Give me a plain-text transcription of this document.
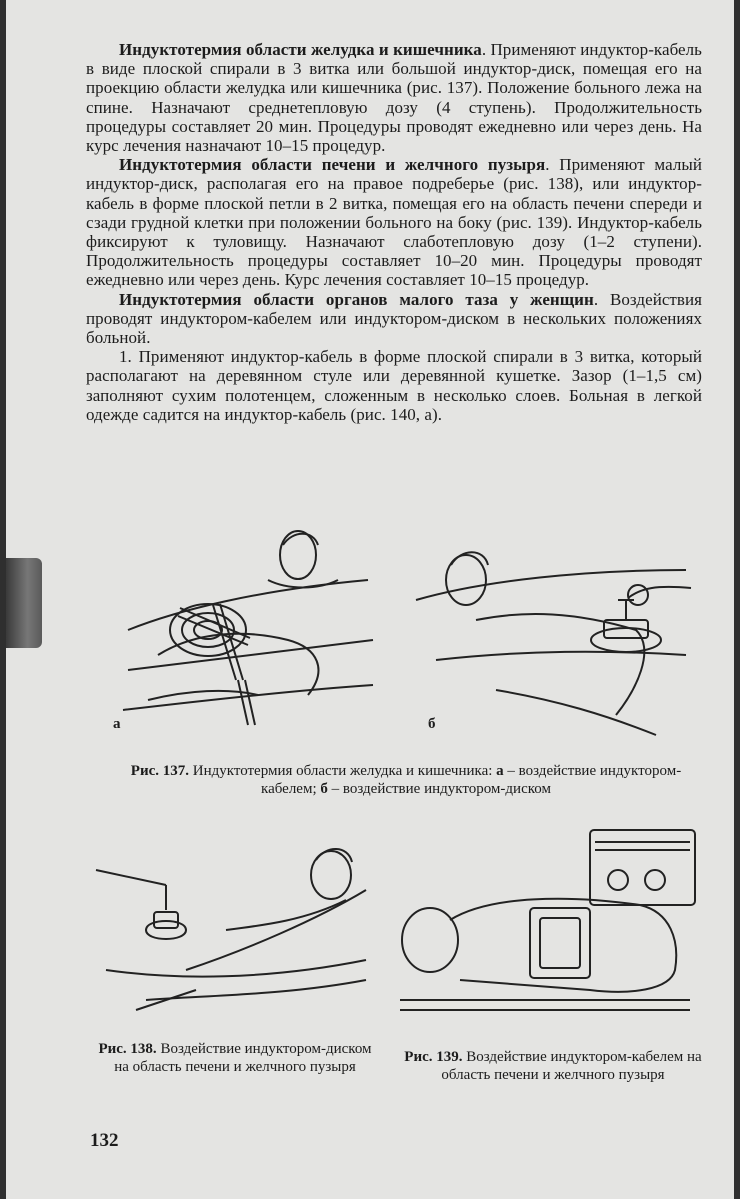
Индуктотермия области желудка и кишечника. Применяют индуктор-кабель в виде плоской спирали в 3 витка или большой индуктор-диск, помещая его на проекцию области желудка или кишечника (рис. 137). Положение больного лежа на спине. Назначают среднетепловую дозу (4 ступень). Продолжительность процедуры составляет 20 мин. Процедуры проводят ежедневно или через день. На курс лечения назначают 10–15 процедур.

Индуктотермия области печени и желчного пузыря. Применяют малый индуктор-диск, располагая его на правое подреберье (рис. 138), или индуктор-кабель в форме плоской петли в 2 витка, помещая его на область печени спереди и сзади грудной клетки при положении больного на боку (рис. 139). Индуктор-кабель фиксируют к туловищу. Назначают слаботепловую дозу (1–2 ступени). Продолжительность процедуры составляет 10–20 мин. Процедуры проводят ежедневно или через день. Курс лечения составляет 10–15 процедур.

Индуктотермия области органов малого таза у женщин. Воздействия проводят индуктором-кабелем или индуктором-диском в нескольких положениях больной.

1. Применяют индуктор-кабель в форме плоской спирали в 3 витка, который располагают на деревянном стуле или деревянной кушетке. Зазор (1–1,5 см) заполняют сухим полотенцем, сложенным в несколько слоев. Больная в легкой одежде садится на индуктор-кабель (рис. 140, а).

а	б
Рис. 137. Индуктотермия области желудка и кишечника: а – воздействие индуктором-кабелем; б – воздействие индуктором-диском
Рис. 138. Воздействие индуктором-диском на область печени и желчного пузыря
Рис. 139. Воздействие индуктором-кабелем на область печени и желчного пузыря
132
